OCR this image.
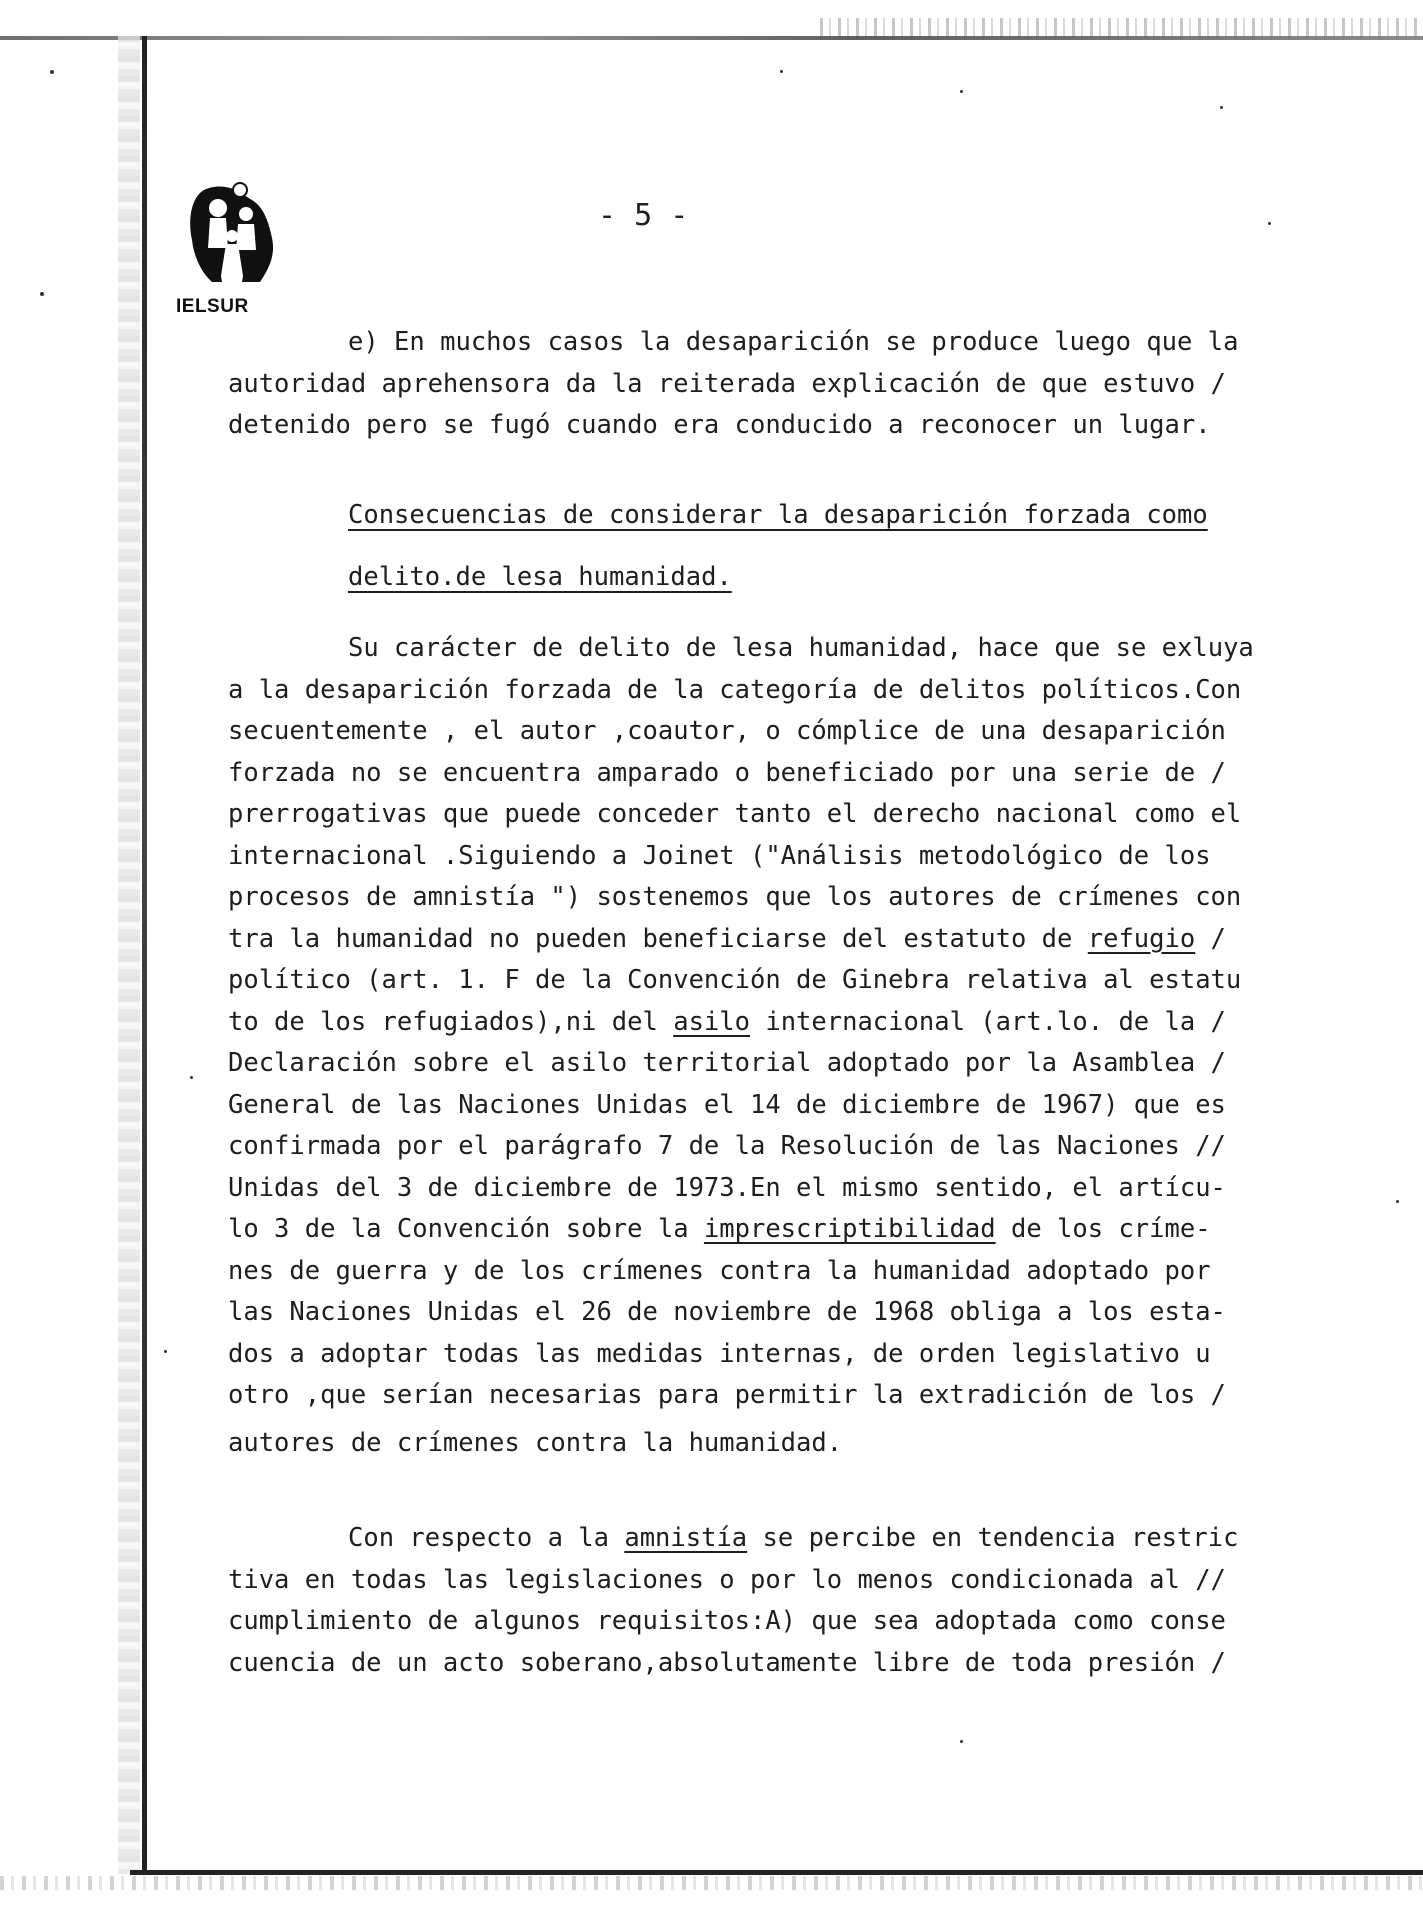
IELSUR
- 5 -
e) En muchos casos la desaparición se produce luego que la
autoridad aprehensora da la reiterada explicación de que estuvo /
detenido pero se fugó cuando era conducido a reconocer un lugar.
Consecuencias de considerar la desaparición forzada como
delito.de lesa humanidad.
Su carácter de delito de lesa humanidad, hace que se exluya
a la desaparición forzada de la categoría de delitos políticos.Con
secuentemente , el autor ,coautor, o cómplice de una desaparición
forzada no se encuentra amparado o beneficiado por una serie de /
prerrogativas que puede conceder tanto el derecho nacional como el
internacional .Siguiendo a Joinet ("Análisis metodológico de los
procesos de amnistía ") sostenemos que los autores de crímenes con
tra la humanidad no pueden beneficiarse del estatuto de refugio /
político (art. 1. F de la Convención de Ginebra relativa al estatu
to de los refugiados),ni del asilo internacional (art.lo. de la /
Declaración sobre el asilo territorial adoptado por la Asamblea /
General de las Naciones Unidas el 14 de diciembre de 1967) que es
confirmada por el parágrafo 7 de la Resolución de las Naciones //
Unidas del 3 de diciembre de 1973.En el mismo sentido, el artícu-
lo 3 de la Convención sobre la imprescriptibilidad de los críme-
nes de guerra y de los crímenes contra la humanidad adoptado por
las Naciones Unidas el 26 de noviembre de 1968 obliga a los esta-
dos a adoptar todas las medidas internas, de orden legislativo u
otro ,que serían necesarias para permitir la extradición de los /
autores de crímenes contra la humanidad.
Con respecto a la amnistía se percibe en tendencia restric
tiva en todas las legislaciones o por lo menos condicionada al //
cumplimiento de algunos requisitos:A) que sea adoptada como conse
cuencia de un acto soberano,absolutamente libre de toda presión /
